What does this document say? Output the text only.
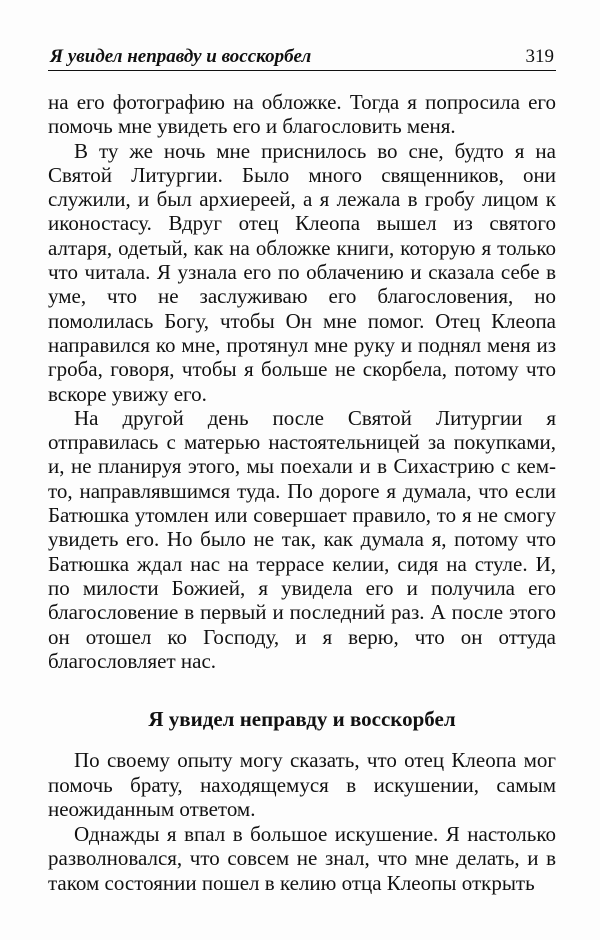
Я увидел неправду и восскорбел	319

на его фотографию на обложке. Тогда я попросила его помочь мне увидеть его и благословить меня.

В ту же ночь мне приснилось во сне, будто я на Святой Литургии. Было много священников, они служили, и был архиереей, а я лежала в гробу лицом к иконостасу. Вдруг отец Клеопа вышел из святого алтаря, одетый, как на обложке книги, которую я только что читала. Я узнала его по облачению и сказала себе в уме, что не заслуживаю его благословения, но помолилась Богу, чтобы Он мне помог. Отец Клеопа направился ко мне, протянул мне руку и поднял меня из гроба, говоря, чтобы я больше не скорбела, потому что вскоре увижу его.

На другой день после Святой Литургии я отправилась с матерью настоятельницей за покупками, и, не планируя этого, мы поехали и в Сихастрию с кем-то, направлявшимся туда. По дороге я думала, что если Батюшка утомлен или совершает правило, то я не смогу увидеть его. Но было не так, как думала я, потому что Батюшка ждал нас на террасе келии, сидя на стуле. И, по милости Божией, я увидела его и получила его благословение в первый и последний раз. А после этого он отошел ко Господу, и я верю, что он оттуда благословляет нас.

Я увидел неправду и восскорбел

По своему опыту могу сказать, что отец Клеопа мог помочь брату, находящемуся в искушении, самым неожиданным ответом.

Однажды я впал в большое искушение. Я настолько разволновался, что совсем не знал, что мне делать, и в таком состоянии пошел в келию отца Клеопы открыть
